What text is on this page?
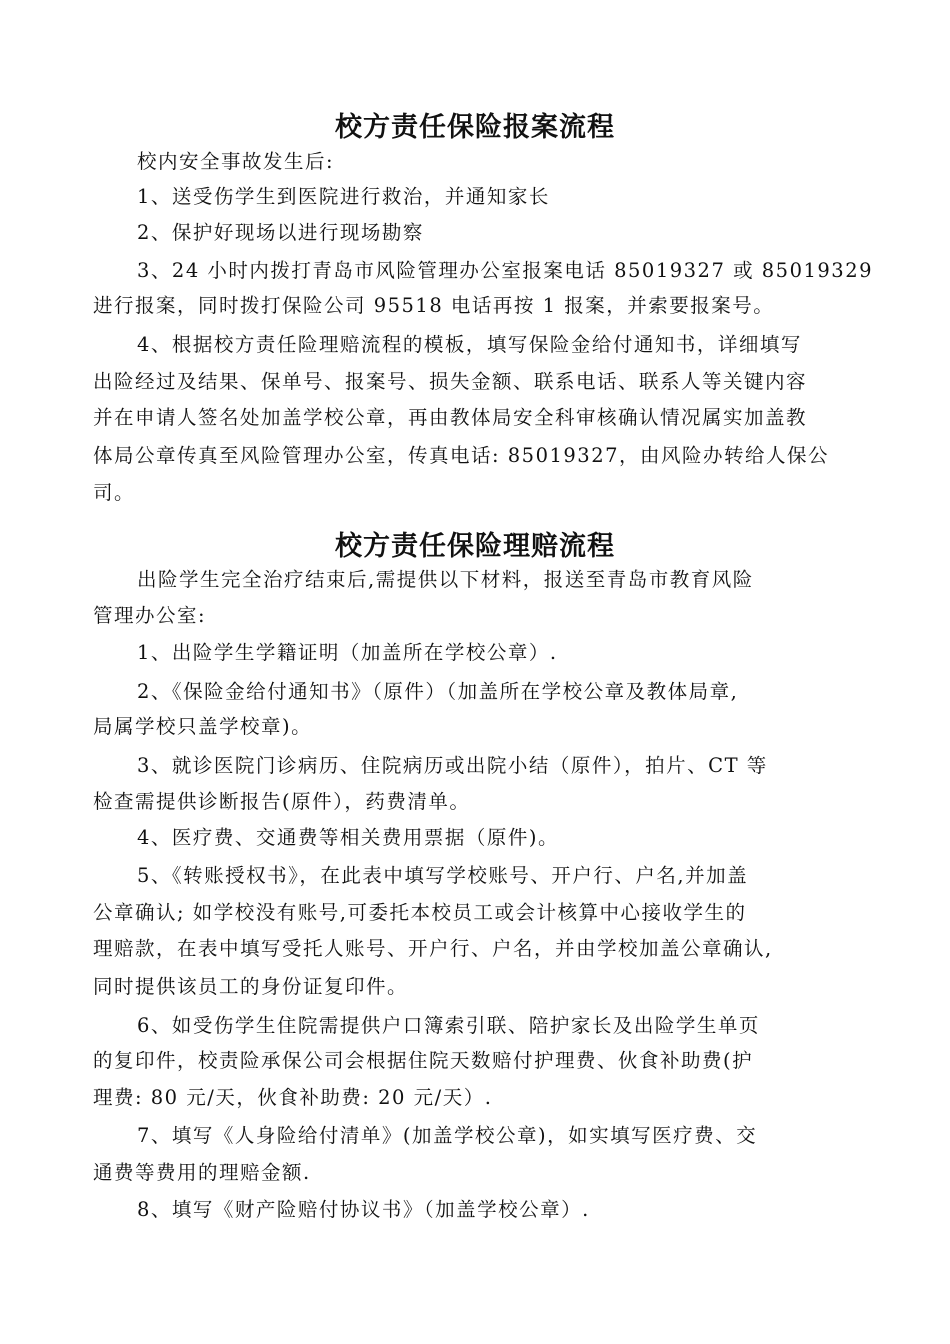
校方责任保险报案流程
校内安全事故发生后:
1、送受伤学生到医院进行救治，并通知家长
2、保护好现场以进行现场勘察
3、24 小时内拨打青岛市风险管理办公室报案电话 85019327 或 85019329
进行报案，同时拨打保险公司 95518 电话再按 1 报案，并索要报案号。
4、根据校方责任险理赔流程的模板，填写保险金给付通知书，详细填写
出险经过及结果、保单号、报案号、损失金额、联系电话、联系人等关键内容
并在申请人签名处加盖学校公章，再由教体局安全科审核确认情况属实加盖教
体局公章传真至风险管理办公室，传真电话: 85019327，由风险办转给人保公
司。
校方责任保险理赔流程
出险学生完全治疗结束后,需提供以下材料，报送至青岛市教育风险
管理办公室:
1、出险学生学籍证明（加盖所在学校公章）.
2、《保险金给付通知书》（原件）（加盖所在学校公章及教体局章,
局属学校只盖学校章)。
3、就诊医院门诊病历、住院病历或出院小结（原件），拍片、CT 等
检查需提供诊断报告(原件），药费清单。
4、医疗费、交通费等相关费用票据（原件)。
5、《转账授权书》，在此表中填写学校账号、开户行、户名,并加盖
公章确认; 如学校没有账号,可委托本校员工或会计核算中心接收学生的
理赔款，在表中填写受托人账号、开户行、户名，并由学校加盖公章确认,
同时提供该员工的身份证复印件。
6、如受伤学生住院需提供户口簿索引联、陪护家长及出险学生单页
的复印件，校责险承保公司会根据住院天数赔付护理费、伙食补助费(护
理费: 80 元/天，伙食补助费: 20 元/天）.
7、填写《人身险给付清单》(加盖学校公章)，如实填写医疗费、交
通费等费用的理赔金额.
8、填写《财产险赔付协议书》（加盖学校公章）.
